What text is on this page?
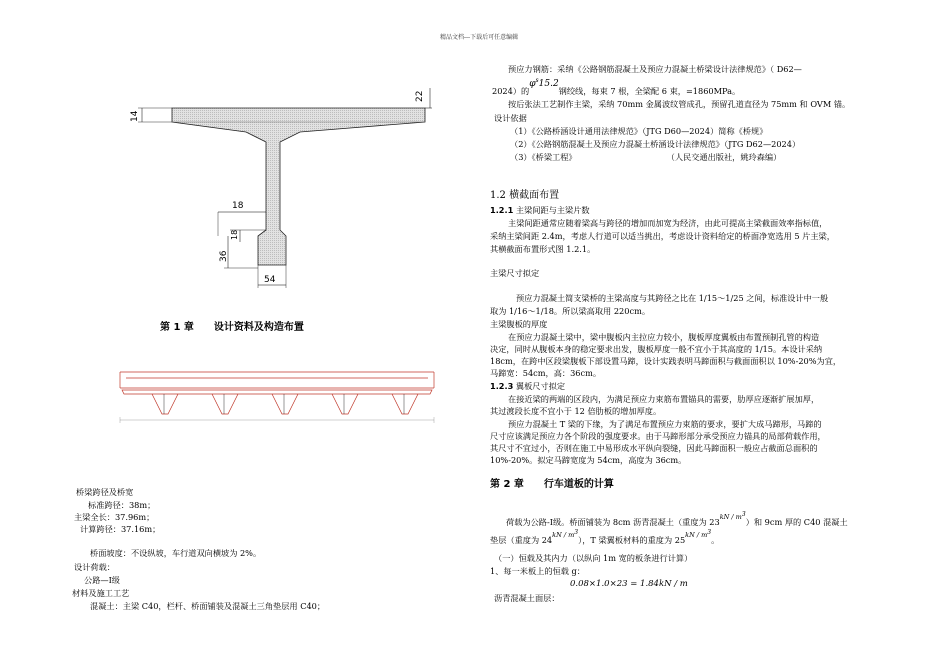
精品文档---下载后可任意编辑
22
14
18
18
36
54
第 1 章　　设计资料及构造布置
桥梁跨径及桥宽
标准跨径：38m；
主梁全长：37.96m；
计算跨径：37.16m；
桥面坡度：不设纵坡，车行道双向横坡为 2%。
设计荷载：
公路—Ⅰ级
材料及施工工艺
混凝土：主梁 C40，栏杆、桥面铺装及混凝土三角垫层用 C40；
预应力钢筋：采纳《公路钢筋混凝土及预应力混凝土桥梁设计法律规范》（ D62—
2024）的$\varphi^s15.2$钢绞线，每束 7 根，全梁配 6 束，=1860MPa。
按后张法工艺制作主梁，采纳 70mm 金属波纹管成孔，预留孔道直径为 75mm 和 OVM 锚。
设计依据
（1）《公路桥涵设计通用法律规范》（JTG D60—2024）简称《桥规》
（2）《公路钢筋混凝土及预应力混凝土桥涵设计法律规范》（JTG D62—2024）
（3）《桥梁工程》　　　　　　　　　　　　（人民交通出版社，姚玲森编）
1.2 横截面布置
1.2.1 主梁间距与主梁片数
主梁间距通常应随着梁高与跨径的增加而加宽为经济，由此可提高主梁截面效率指标值，
采纳主梁间距 2.4m，考虑人行道可以适当挑出，考虑设计资料给定的桥面净宽选用 5 片主梁，
其横截面布置形式图 1.2.1。
主梁尺寸拟定
预应力混凝土简支梁桥的主梁高度与其跨径之比在 1/15～1/25 之间，标准设计中一般
取为 1/16～1/18。所以梁高取用 220cm。
主梁腹板的厚度
在预应力混凝土梁中，梁中腹板内主拉应力较小，腹板厚度翼板由布置预制孔管的构造
决定，同时从腹板本身的稳定要求出发，腹板厚度一般不宜小于其高度的 1/15。本设计采纳
18cm，在跨中区段梁腹板下部设置马蹄，设计实践表明马蹄面积与截面面积以 10%-20%为宜，
马蹄宽：54cm，高：36cm。
1.2.3 翼板尺寸拟定
在接近梁的两端的区段内，为满足预应力束筋布置锚具的需要，肋厚应逐渐扩展加厚，
其过渡段长度不宜小于 12 倍肋板的增加厚度。
预应力混凝土 T 梁的下缘，为了满足布置预应力束筋的要求，要扩大成马蹄形，马蹄的
尺寸应该满足预应力各个阶段的强度要求。由于马蹄形部分承受预应力锚具的局部荷载作用，
其尺寸不宜过小，否则在施工中易形成水平纵向裂缝，因此马蹄面积一般应占截面总面积的
10%-20%。拟定马蹄宽度为 54cm，高度为 36cm。
第 2 章　　行车道板的计算
荷载为公路-Ⅰ级。桥面铺装为 8cm 沥青混凝土（重度为 $23^{kN / m^3}$）和 9cm 厚的 C40 混凝土
垫层（重度为 $24^{kN / m^3}$），T 梁翼板材料的重度为 $25^{kN / m^3}$。
（一）恒载及其内力（以纵向 1m 宽的板条进行计算）
1、每一米板上的恒载 g：
0.08×1.0×23 = 1.84kN / m
沥青混凝土面层：
